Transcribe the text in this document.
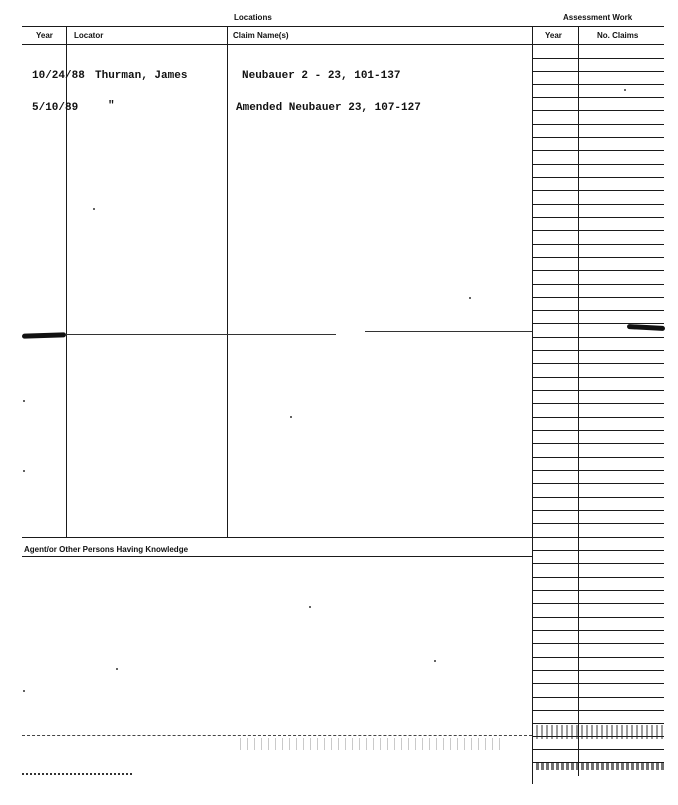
Locations	Assessment Work
Year	Locator	Claim Name(s)	Year	No. Claims
10/24/88 Thurman, James	Neubauer 2 - 23, 101-137
5/10/89	"	Amended Neubauer 23, 107-127
Agent/or Other Persons Having Knowledge
